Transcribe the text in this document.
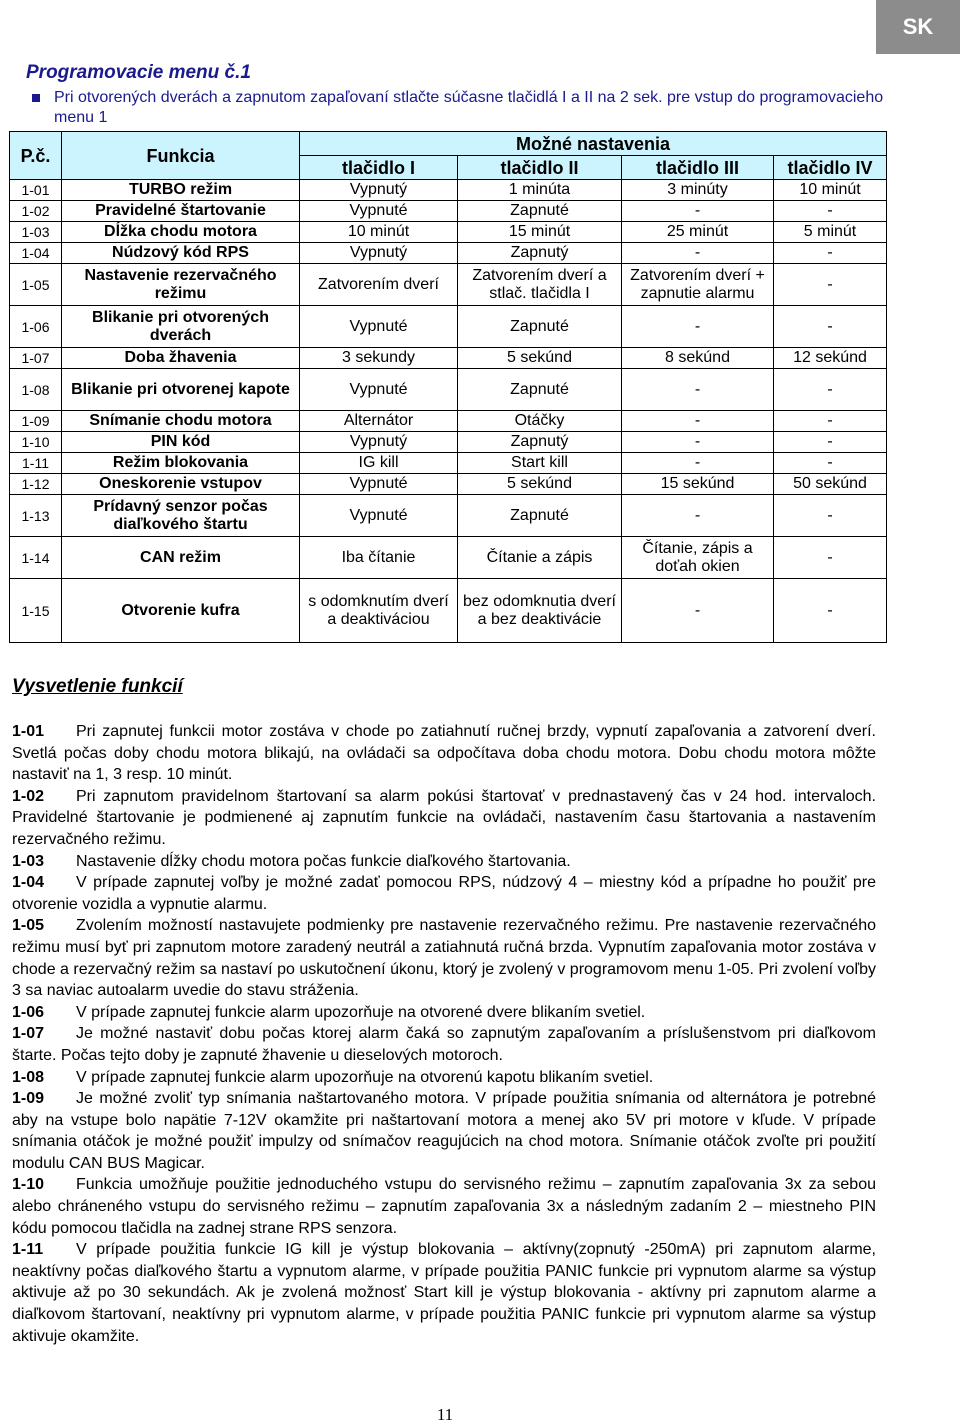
SK
Programovacie menu č.1
Pri otvorených dverách a zapnutom zapaľovaní stlačte súčasne tlačidlá I a II na 2 sek. pre vstup do programovacieho menu 1
P.č.	Funkcia	Možné nastavenia			
		tlačidlo I	tlačidlo II	tlačidlo III	tlačidlo IV
1-01	TURBO režim	Vypnutý	1 minúta	3 minúty	10 minút
1-02	Pravidelné štartovanie	Vypnuté	Zapnuté	-	-
1-03	Dĺžka chodu motora	10 minút	15 minút	25 minút	5 minút
1-04	Núdzový kód RPS	Vypnutý	Zapnutý	-	-
1-05	Nastavenie rezervačného režimu	Zatvorením dverí	Zatvorením dverí a stlač. tlačidla I	Zatvorením dverí + zapnutie alarmu	-
1-06	Blikanie pri otvorených dverách	Vypnuté	Zapnuté	-	-
1-07	Doba žhavenia	3 sekundy	5 sekúnd	8 sekúnd	12 sekúnd
1-08	Blikanie pri otvorenej kapote	Vypnuté	Zapnuté	-	-
1-09	Snímanie chodu motora	Alternátor	Otáčky	-	-
1-10	PIN kód	Vypnutý	Zapnutý	-	-
1-11	Režim blokovania	IG kill	Start kill	-	-
1-12	Oneskorenie vstupov	Vypnuté	5 sekúnd	15 sekúnd	50 sekúnd
1-13	Prídavný senzor počas diaľkového štartu	Vypnuté	Zapnuté	-	-
1-14	CAN režim	Iba čítanie	Čítanie a zápis	Čítanie, zápis a doťah okien	-
1-15	Otvorenie kufra	s odomknutím dverí a deaktiváciou	bez odomknutia dverí a bez deaktivácie	-	-
Vysvetlenie funkcií

1-01 Pri zapnutej funkcii motor zostáva v chode po zatiahnutí ručnej brzdy, vypnutí zapaľovania a zatvorení dverí. Svetlá počas doby chodu motora blikajú, na ovládači sa odpočítava doba chodu motora. Dobu chodu motora môžte nastaviť na 1, 3 resp. 10 minút.

1-02 Pri zapnutom pravidelnom štartovaní sa alarm pokúsi štartovať v prednastavený čas v 24 hod. intervaloch. Pravidelné štartovanie je podmienené aj zapnutím funkcie na ovládači, nastavením času štartovania a nastavením rezervačného režimu.

1-03 Nastavenie dĺžky chodu motora počas funkcie diaľkového štartovania.

1-04 V prípade zapnutej voľby je možné zadať pomocou RPS, núdzový 4 – miestny kód a prípadne ho použiť pre otvorenie vozidla a vypnutie alarmu.

1-05 Zvolením možností nastavujete podmienky pre nastavenie rezervačného režimu. Pre nastavenie rezervačného režimu musí byť pri zapnutom motore zaradený neutrál a zatiahnutá ručná brzda. Vypnutím zapaľovania motor zostáva v chode a rezervačný režim sa nastaví po uskutočnení úkonu, ktorý je zvolený v programovom menu 1-05. Pri zvolení voľby 3 sa naviac autoalarm uvedie do stavu stráženia.

1-06 V prípade zapnutej funkcie alarm upozorňuje na otvorené dvere blikaním svetiel.

1-07 Je možné nastaviť dobu počas ktorej alarm čaká so zapnutým zapaľovaním a príslušenstvom pri diaľkovom štarte. Počas tejto doby je zapnuté žhavenie u dieselových motoroch.

1-08 V prípade zapnutej funkcie alarm upozorňuje na otvorenú kapotu blikaním svetiel.

1-09 Je možné zvoliť typ snímania naštartovaného motora. V prípade použitia snímania od alternátora je potrebné aby na vstupe bolo napätie 7-12V okamžite pri naštartovaní motora a menej ako 5V pri motore v kľude. V prípade snímania otáčok je možné použiť impulzy od snímačov reagujúcich na chod motora. Snímanie otáčok zvoľte pri použití modulu CAN BUS Magicar.

1-10 Funkcia umožňuje použitie jednoduchého vstupu do servisného režimu – zapnutím zapaľovania 3x za sebou alebo chráneného vstupu do servisného režimu – zapnutím zapaľovania 3x a následným zadaním 2 – miestneho PIN kódu pomocou tlačidla na zadnej strane RPS senzora.

1-11 V prípade použitia funkcie IG kill je výstup blokovania – aktívny(zopnutý -250mA) pri zapnutom alarme, neaktívny počas diaľkového štartu a vypnutom alarme, v prípade použitia PANIC funkcie pri vypnutom alarme sa výstup aktivuje až po 30 sekundách. Ak je zvolená možnosť Start kill je výstup blokovania - aktívny pri zapnutom alarme a diaľkovom štartovaní, neaktívny pri vypnutom alarme, v prípade použitia PANIC funkcie pri vypnutom alarme sa výstup aktivuje okamžite.

11
